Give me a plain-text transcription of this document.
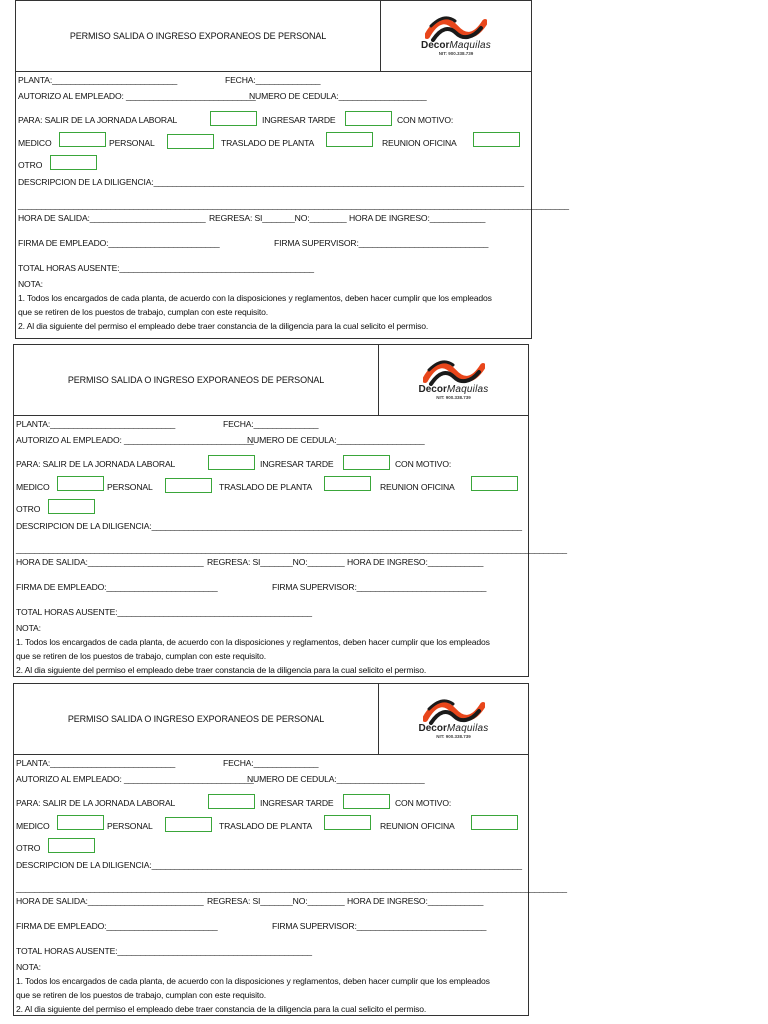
PERMISO SALIDA O INGRESO EXPORANEOS DE PERSONAL
DecorMaquilas
NIT: 900.338.739
PLANTA:___________________________	FECHA:______________
AUTORIZO AL EMPLEADO: ____________________________
NUMERO DE CEDULA:___________________
PARA: SALIR DE LA JORNADA LABORAL	INGRESAR TARDE	CON MOTIVO:
MEDICO	PERSONAL	TRASLADO DE PLANTA	REUNION OFICINA
OTRO
DESCRIPCION DE LA DILIGENCIA:________________________________________________________________________________
_______________________________________________________________________________________________________________________
HORA DE SALIDA:_________________________ REGRESA: SI_______NO:________ HORA DE INGRESO:____________
FIRMA DE EMPLEADO:________________________	FIRMA SUPERVISOR:____________________________
TOTAL HORAS AUSENTE:__________________________________________
NOTA:
1. Todos los encargados de cada planta, de acuerdo con la disposiciones y reglamentos, deben hacer cumplir que los empleados
que se retiren de los puestos de trabajo, cumplan con este requisito.
2. Al dia siguiente del permiso el empleado debe traer constancia de la diligencia para la cual selicito el permiso.
PERMISO SALIDA O INGRESO EXPORANEOS DE PERSONAL
DecorMaquilas
NIT: 900.338.739
PLANTA:___________________________	FECHA:______________
AUTORIZO AL EMPLEADO: ____________________________
NUMERO DE CEDULA:___________________
PARA: SALIR DE LA JORNADA LABORAL	INGRESAR TARDE	CON MOTIVO:
MEDICO	PERSONAL	TRASLADO DE PLANTA	REUNION OFICINA
OTRO
DESCRIPCION DE LA DILIGENCIA:________________________________________________________________________________
_______________________________________________________________________________________________________________________
HORA DE SALIDA:_________________________ REGRESA: SI_______NO:________ HORA DE INGRESO:____________
FIRMA DE EMPLEADO:________________________	FIRMA SUPERVISOR:____________________________
TOTAL HORAS AUSENTE:__________________________________________
NOTA:
1. Todos los encargados de cada planta, de acuerdo con la disposiciones y reglamentos, deben hacer cumplir que los empleados
que se retiren de los puestos de trabajo, cumplan con este requisito.
2. Al dia siguiente del permiso el empleado debe traer constancia de la diligencia para la cual selicito el permiso.
PERMISO SALIDA O INGRESO EXPORANEOS DE PERSONAL
DecorMaquilas
NIT: 900.338.739
PLANTA:___________________________	FECHA:______________
AUTORIZO AL EMPLEADO: ____________________________
NUMERO DE CEDULA:___________________
PARA: SALIR DE LA JORNADA LABORAL	INGRESAR TARDE	CON MOTIVO:
MEDICO	PERSONAL	TRASLADO DE PLANTA	REUNION OFICINA
OTRO
DESCRIPCION DE LA DILIGENCIA:________________________________________________________________________________
_______________________________________________________________________________________________________________________
HORA DE SALIDA:_________________________ REGRESA: SI_______NO:________ HORA DE INGRESO:____________
FIRMA DE EMPLEADO:________________________	FIRMA SUPERVISOR:____________________________
TOTAL HORAS AUSENTE:__________________________________________
NOTA:
1. Todos los encargados de cada planta, de acuerdo con la disposiciones y reglamentos, deben hacer cumplir que los empleados
que se retiren de los puestos de trabajo, cumplan con este requisito.
2. Al dia siguiente del permiso el empleado debe traer constancia de la diligencia para la cual selicito el permiso.
